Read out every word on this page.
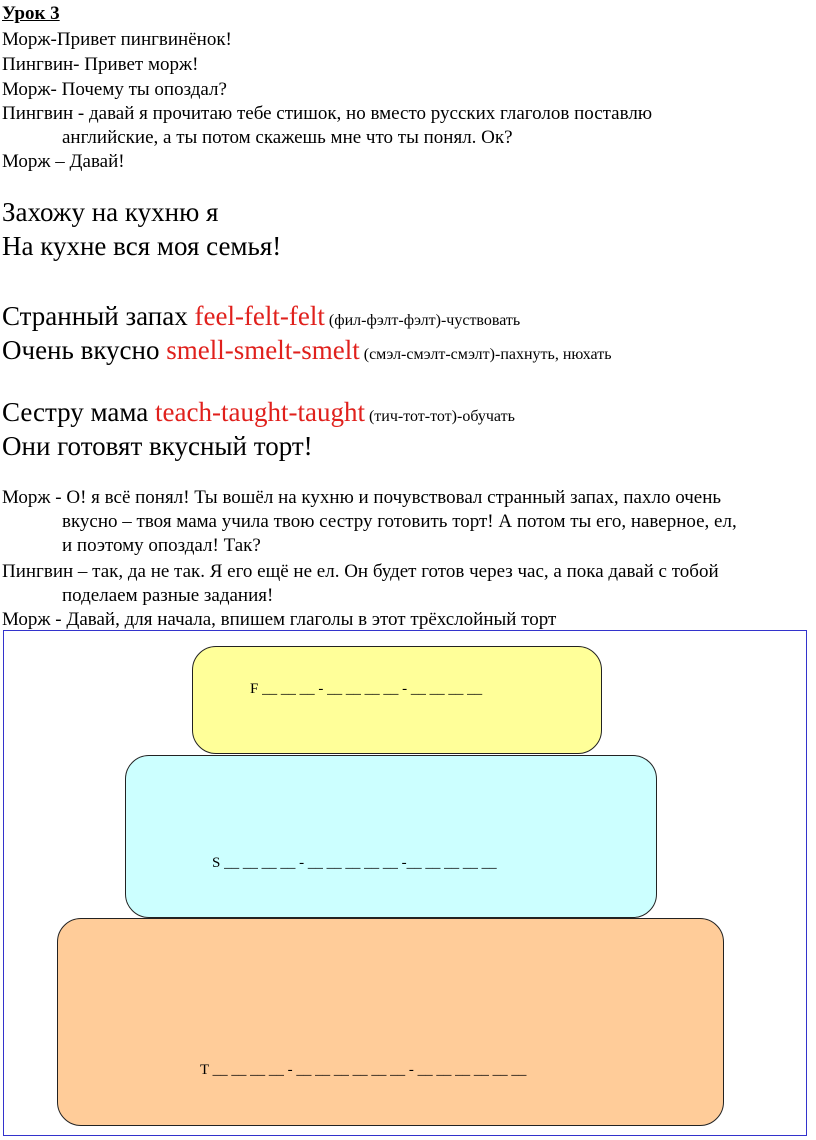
Урок 3

Морж-Привет пингвинёнок!

Пингвин- Привет морж!

Морж- Почему ты опоздал?

Пингвин - давай я прочитаю тебе стишок, но вместо русских глаголов поставлю

английские, а ты потом скажешь мне что ты понял. Ок?

Морж – Давай!

Захожу на кухню я

На кухне вся моя семья!

Странный запах feel-felt-felt (фил-фэлт-фэлт)-чуствовать

Очень вкусно smell-smelt-smelt (смэл-смэлт-смэлт)-пахнуть, нюхать

Сестру мама teach-taught-taught (тич-тот-тот)-обучать

Они готовят вкусный торт!

Морж - О! я всё понял! Ты вошёл на кухню и почувствовал странный запах, пахло очень

вкусно – твоя мама учила твою сестру готовить торт! А потом ты его, наверное, ел,

и поэтому опоздал! Так?

Пингвин – так, да не так. Я его ещё не ел. Он будет готов через час, а пока давай с тобой

поделаем разные задания!

Морж - Давай, для начала, впишем глаголы в этот трёхслойный торт

F __ __ __ - __ __ __ __ - __ __ __ __
S __ __ __ __ - __ __ __ __ __ -__ __ __ __ __
T __ __ __ __ - __ __ __ __ __ __ - __ __ __ __ __ __
